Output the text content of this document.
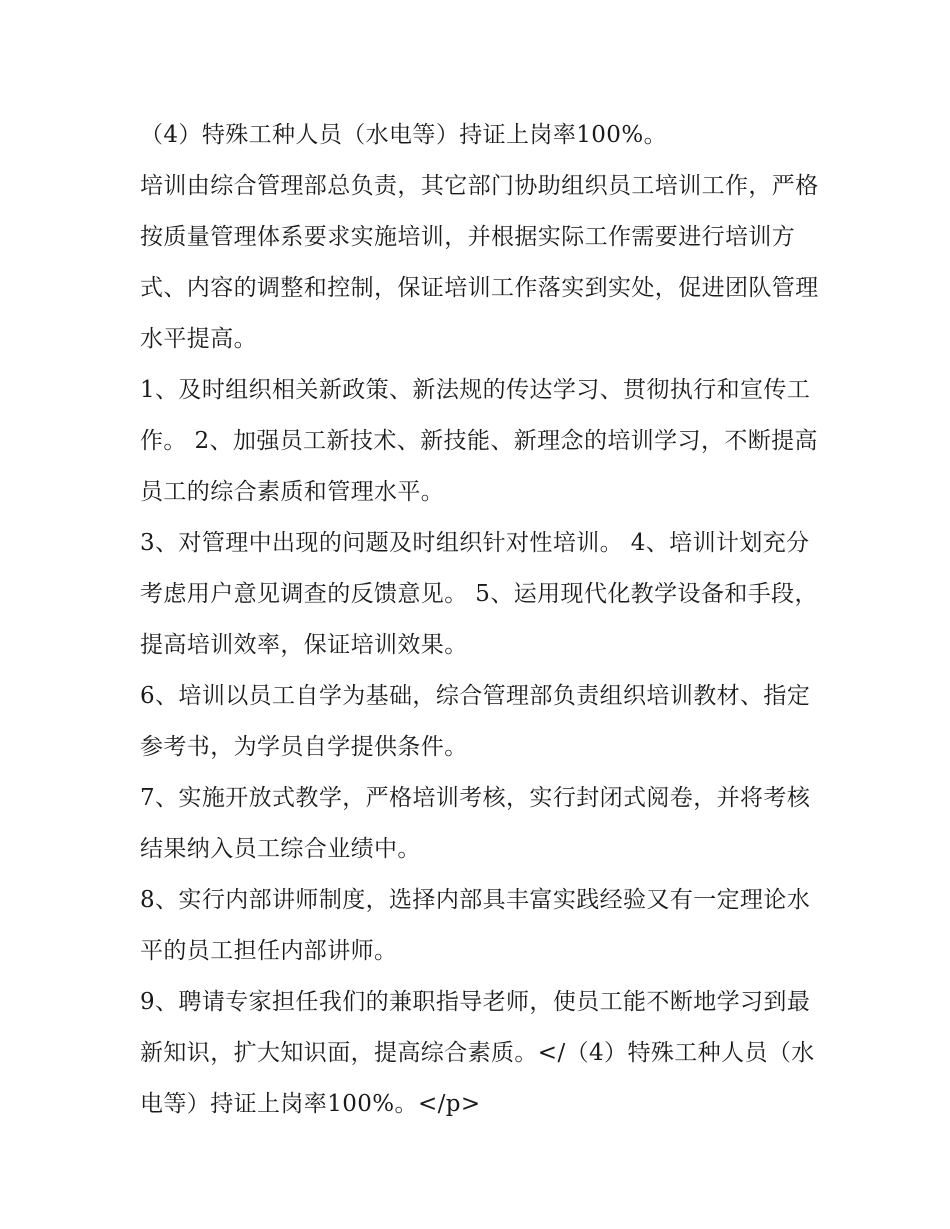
（4）特殊工种人员（水电等）持证上岗率100%。

培训由综合管理部总负责，其它部门协助组织员工培训工作，严格按质量管理体系要求实施培训，并根据实际工作需要进行培训方式、内容的调整和控制，保证培训工作落实到实处，促进团队管理水平提高。

1、及时组织相关新政策、新法规的传达学习、贯彻执行和宣传工作。 2、加强员工新技术、新技能、新理念的培训学习，不断提高员工的综合素质和管理水平。

3、对管理中出现的问题及时组织针对性培训。 4、培训计划充分考虑用户意见调查的反馈意见。 5、运用现代化教学设备和手段，提高培训效率，保证培训效果。

6、培训以员工自学为基础，综合管理部负责组织培训教材、指定参考书，为学员自学提供条件。

7、实施开放式教学，严格培训考核，实行封闭式阅卷，并将考核结果纳入员工综合业绩中。

8、实行内部讲师制度，选择内部具丰富实践经验又有一定理论水平的员工担任内部讲师。

9、聘请专家担任我们的兼职指导老师，使员工能不断地学习到最新知识，扩大知识面，提高综合素质。</（4）特殊工种人员（水电等）持证上岗率100%。</p>
